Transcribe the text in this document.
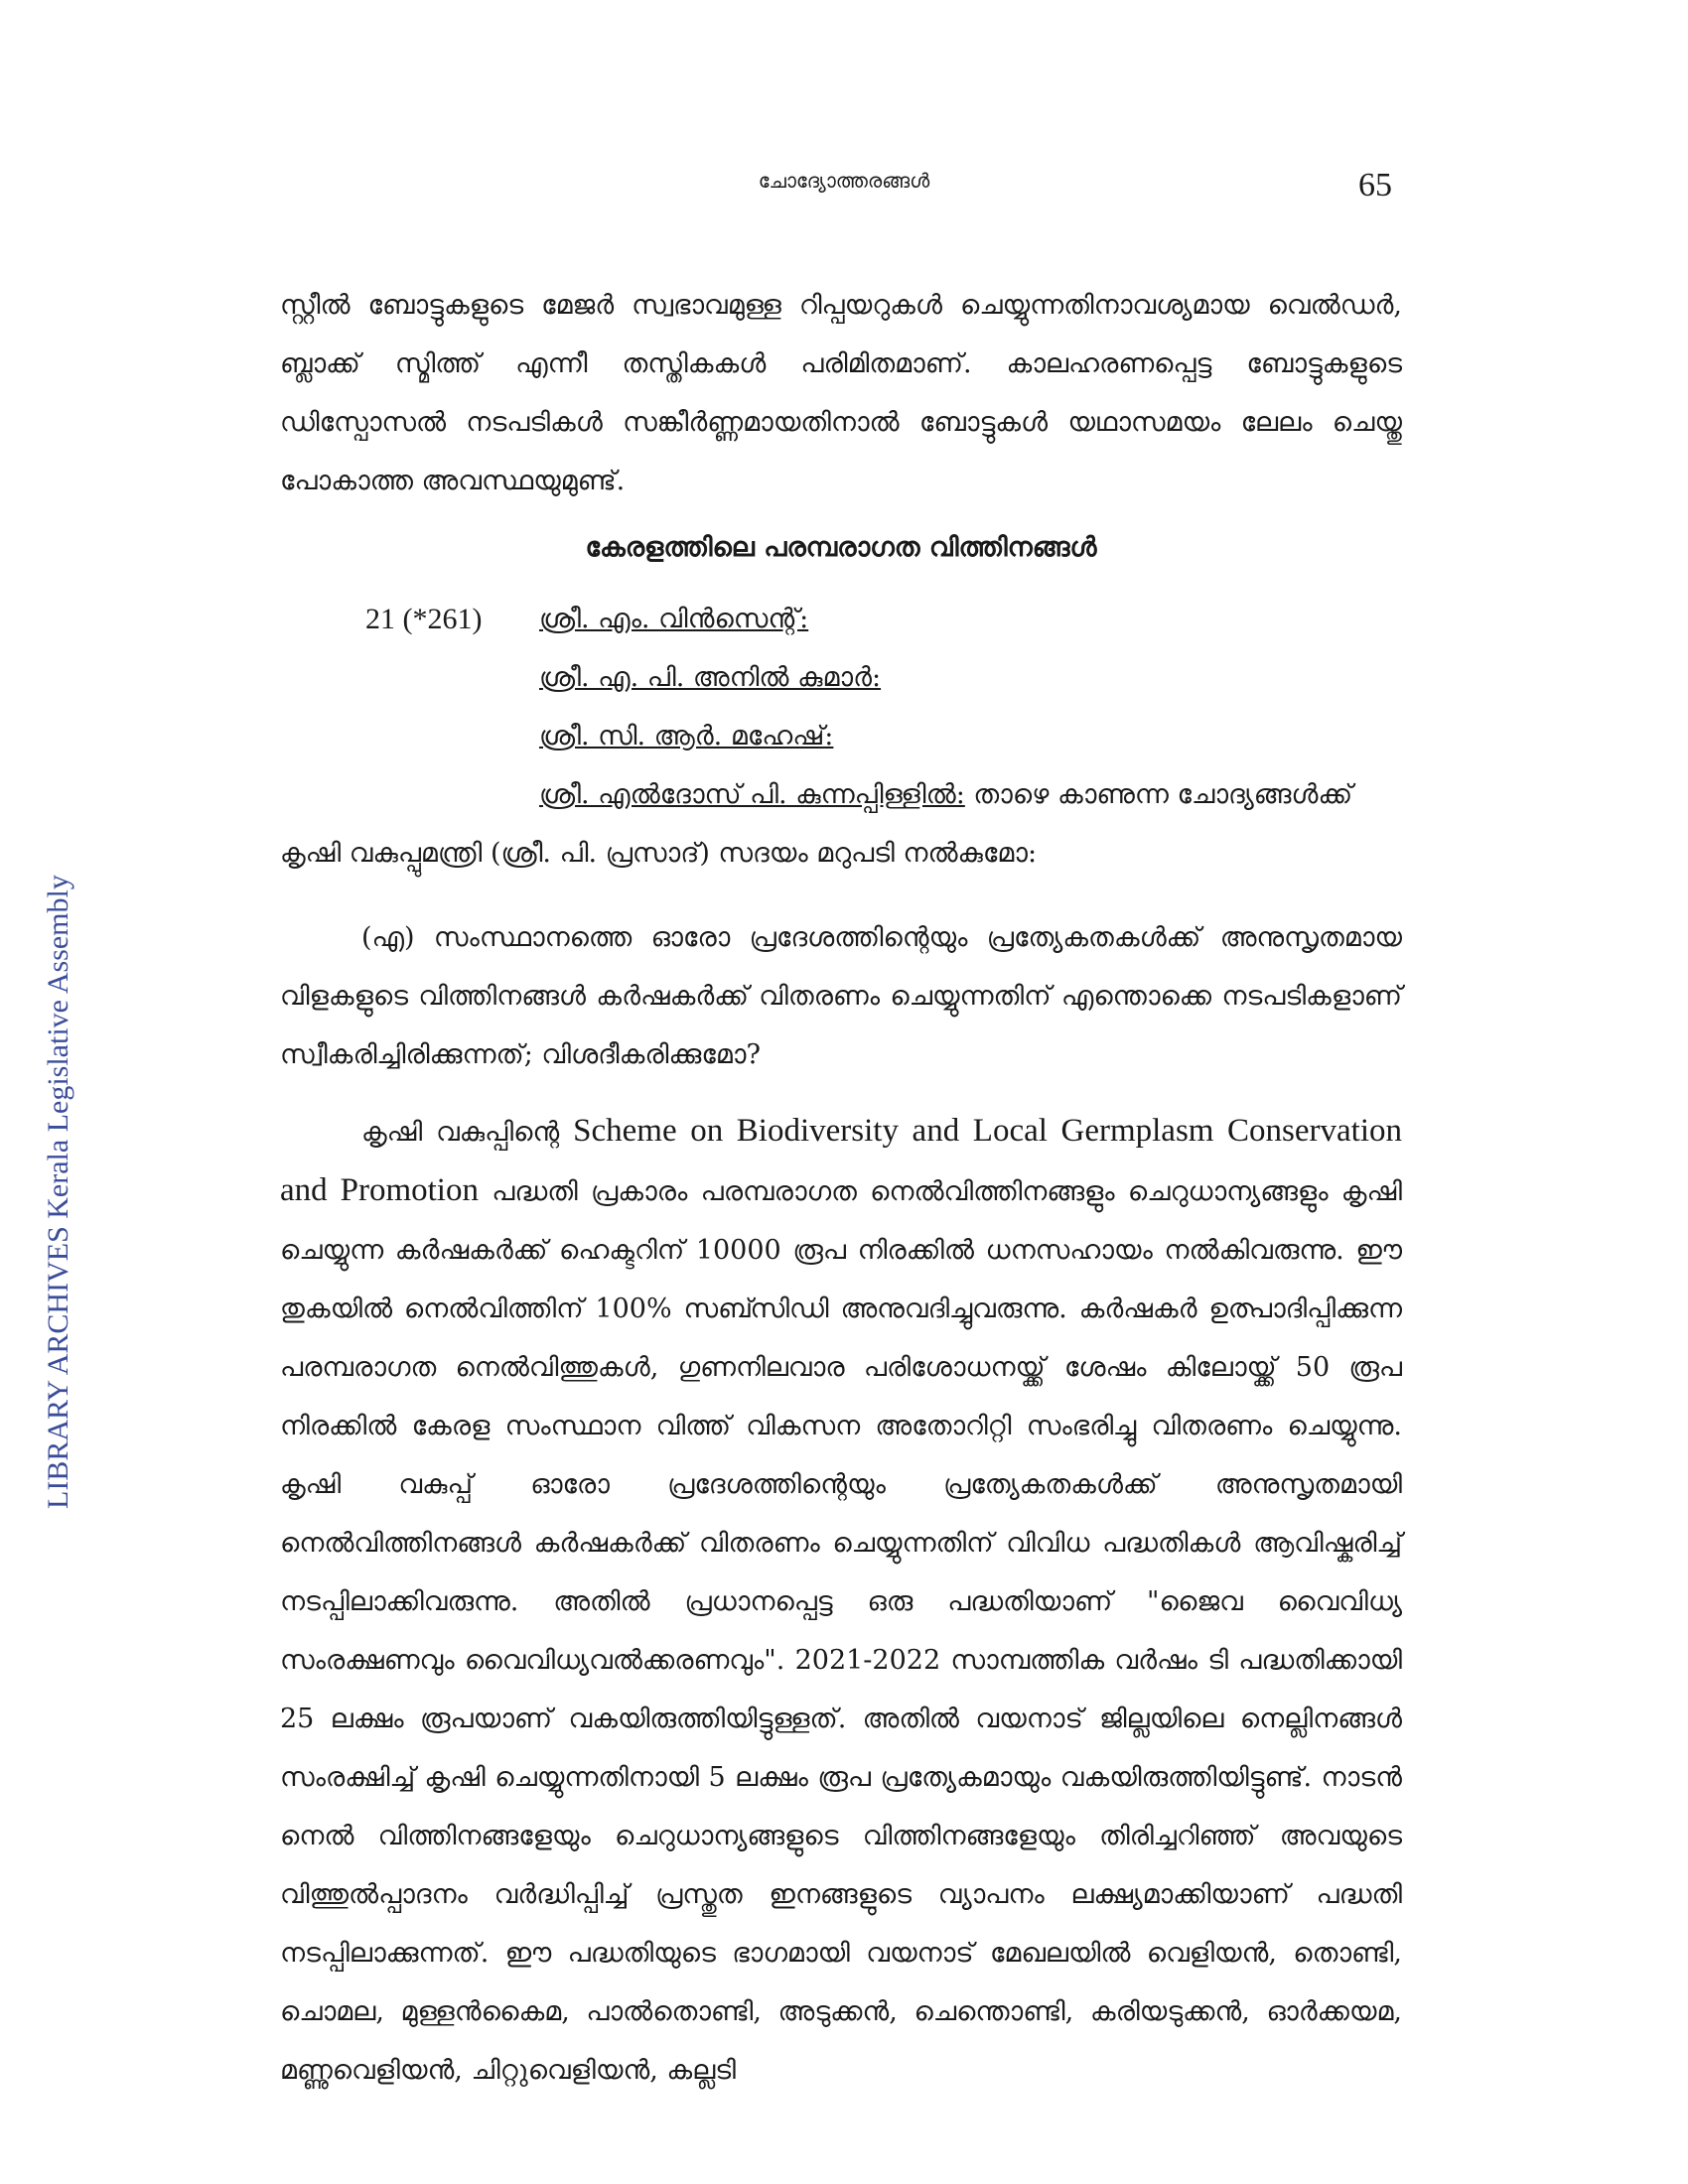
ചോദ്യോത്തരങ്ങൾ	65
LIBRARY ARCHIVES Kerala Legislative Assembly

സ്റ്റീൽ ബോട്ടുകളുടെ മേജർ സ്വഭാവമുള്ള റിപ്പയറുകൾ ചെയ്യുന്നതിനാവശ്യമായ വെൽഡർ, ബ്ലാക്ക് സ്മിത്ത് എന്നീ തസ്തികകൾ പരിമിതമാണ്. കാലഹരണപ്പെട്ട ബോട്ടുകളുടെ ഡിസ്പോസൽ നടപടികൾ സങ്കീർണ്ണമായതിനാൽ ബോട്ടുകൾ യഥാസമയം ലേലം ചെയ്തു പോകാത്ത അവസ്ഥയുമുണ്ട്.

കേരളത്തിലെ പരമ്പരാഗത വിത്തിനങ്ങൾ
21 (*261)	ശ്രീ. എം. വിൻസെന്റ്:
ശ്രീ. എ. പി. അനിൽ കുമാർ:
ശ്രീ. സി. ആർ. മഹേഷ്:
ശ്രീ. എൽദോസ് പി. കുന്നപ്പിള്ളിൽ: താഴെ കാണുന്ന ചോദ്യങ്ങൾക്ക്
കൃഷി വകുപ്പുമന്ത്രി (ശ്രീ. പി. പ്രസാദ്) സദയം മറുപടി നൽകുമോ:

(എ) സംസ്ഥാനത്തെ ഓരോ പ്രദേശത്തിന്റെയും പ്രത്യേകതകൾക്ക് അനുസൃതമായ വിളകളുടെ വിത്തിനങ്ങൾ കർഷകർക്ക് വിതരണം ചെയ്യുന്നതിന് എന്തൊക്കെ നടപടികളാണ് സ്വീകരിച്ചിരിക്കുന്നത്; വിശദീകരിക്കുമോ?

കൃഷി വകുപ്പിന്റെ Scheme on Biodiversity and Local Germplasm Conservation and Promotion പദ്ധതി പ്രകാരം പരമ്പരാഗത നെൽവിത്തിനങ്ങളും ചെറുധാന്യങ്ങളും കൃഷി ചെയ്യുന്ന കർഷകർക്ക് ഹെക്ടറിന് 10000 രൂപ നിരക്കിൽ ധനസഹായം നൽകിവരുന്നു. ഈ തുകയിൽ നെൽവിത്തിന് 100% സബ്സിഡി അനുവദിച്ചുവരുന്നു. കർഷകർ ഉത്പാദിപ്പിക്കുന്ന പരമ്പരാഗത നെൽവിത്തുകൾ, ഗുണനിലവാര പരിശോധനയ്ക്ക് ശേഷം കിലോയ്ക്ക് 50 രൂപ നിരക്കിൽ കേരള സംസ്ഥാന വിത്ത് വികസന അതോറിറ്റി സംഭരിച്ചു വിതരണം ചെയ്യുന്നു. കൃഷി വകുപ്പ് ഓരോ പ്രദേശത്തിന്റെയും പ്രത്യേകതകൾക്ക് അനുസൃതമായി നെൽവിത്തിനങ്ങൾ കർഷകർക്ക് വിതരണം ചെയ്യുന്നതിന് വിവിധ പദ്ധതികൾ ആവിഷ്കരിച്ച് നടപ്പിലാക്കിവരുന്നു. അതിൽ പ്രധാനപ്പെട്ട ഒരു പദ്ധതിയാണ് "ജൈവ വൈവിധ്യ സംരക്ഷണവും വൈവിധ്യവൽക്കരണവും". 2021-2022 സാമ്പത്തിക വർഷം ടി പദ്ധതിക്കായി 25 ലക്ഷം രൂപയാണ് വകയിരുത്തിയിട്ടുള്ളത്. അതിൽ വയനാട് ജില്ലയിലെ നെല്ലിനങ്ങൾ സംരക്ഷിച്ച് കൃഷി ചെയ്യുന്നതിനായി 5 ലക്ഷം രൂപ പ്രത്യേകമായും വകയിരുത്തിയിട്ടുണ്ട്. നാടൻ നെൽ വിത്തിനങ്ങളേയും ചെറുധാന്യങ്ങളുടെ വിത്തിനങ്ങളേയും തിരിച്ചറിഞ്ഞ് അവയുടെ വിത്തുൽപ്പാദനം വർദ്ധിപ്പിച്ച് പ്രസ്തുത ഇനങ്ങളുടെ വ്യാപനം ലക്ഷ്യമാക്കിയാണ് പദ്ധതി നടപ്പിലാക്കുന്നത്. ഈ പദ്ധതിയുടെ ഭാഗമായി വയനാട് മേഖലയിൽ വെളിയൻ, തൊണ്ടി, ചൊമല, മുള്ളൻകൈമ, പാൽതൊണ്ടി, അടുക്കൻ, ചെന്തൊണ്ടി, കരിയടുക്കൻ, ഓർക്കയമ, മണ്ണുവെളിയൻ, ചിറ്റുവെളിയൻ, കല്ലടി
